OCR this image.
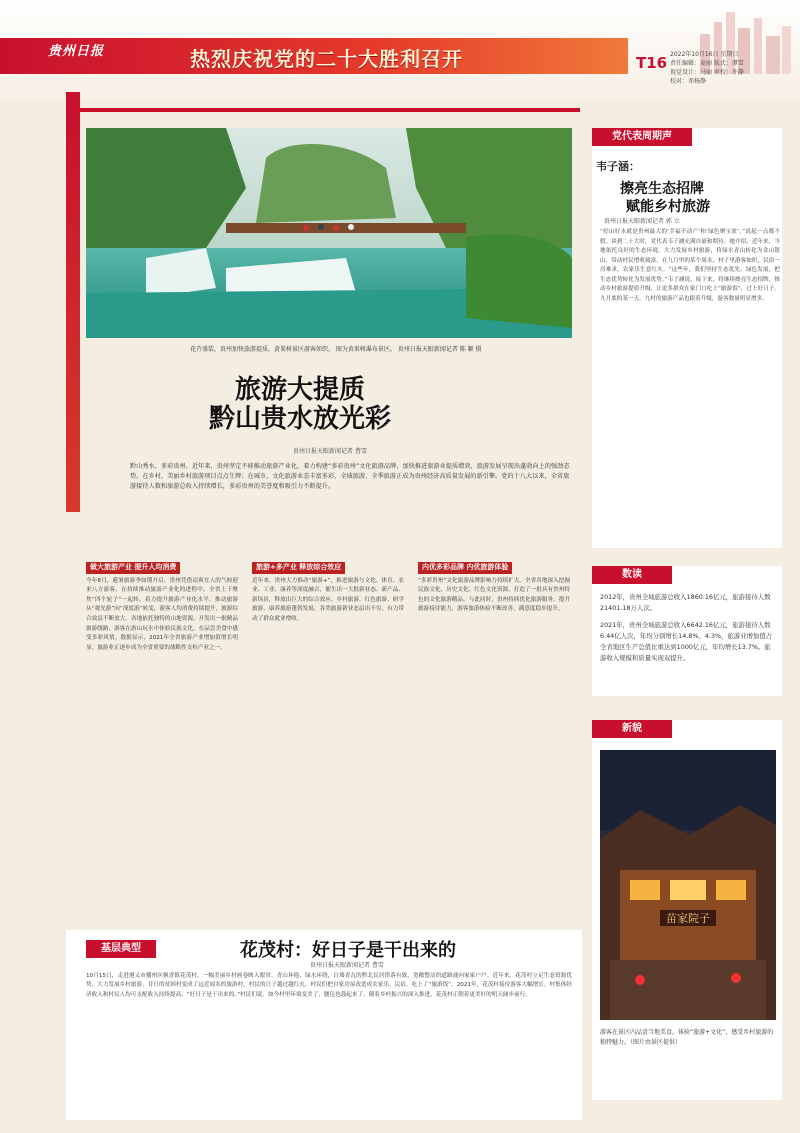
贵州日报	热烈庆祝党的二十大胜利召开	T16 2022年10月16日 星期日
责任编辑：麦丽 版式：谭雪
视觉设计：马丽 审校：许静
校对：邓杨静
花卉盛装，贵州加快旅游提质，黄果树景区游客如织。 图为黄果树瀑布景区。 贵州日报天眼新闻记者 陈 颖 摄
旅游大提质
黔山贵水放光彩
贵州日报天眼新闻记者 曹雪
黔山秀水，多彩贵州。近年来，贵州坚定不移推动旅游产业化，着力构建“多彩贵州”文化旅游品牌，加快推进旅游业提质增效，旅游发展呈现出蓬勃向上的强劲态势。在乡村，美丽乡村旅游项目点点生辉；在城市，文化旅游业态丰富多彩，全域旅游、全季旅游正成为贵州经济高质量发展的新引擎。党的十八大以来，全省旅游接待人数和旅游总收入持续增长，多彩贵州的美誉度和吸引力不断提升。
做大旅游产业 提升人均消费
今年8月，避暑旅游季如期开启，贵州凭借凉爽宜人的气候迎来八方游客。在持续推动旅游产业化的进程中，全省上下聚焦“四个轮子”一起转，着力提升旅游产业化水平，推动旅游从“观光游”向“深度游”转变，游客人均消费持续提升，旅游综合效益不断放大。各地依托独特的山地资源，开发出一批精品旅游线路，游客在游山玩水中体验民族文化，在品尝美食中感受多彩风情。数据显示，2021年全省旅游产业增加值增长明显，旅游业正逐步成为全省重要的战略性支柱产业之一。
旅游+多产业 释放综合效应
近年来，贵州大力推动“旅游+”，推进旅游与文化、体育、农业、工业、康养等深度融合，催生出一大批新业态、新产品、新场景，释放出巨大的综合效应。乡村旅游、红色旅游、研学旅游、康养旅游蓬勃发展，各类旅游新业态层出不穷，有力带动了群众就业增收。
内优多彩品牌 内优旅游体验
“多彩贵州”文化旅游品牌影响力持续扩大。全省各地深入挖掘民族文化、历史文化、红色文化资源，打造了一批具有贵州特色的文化旅游精品。与此同时，贵州持续优化旅游服务，提升旅游接待能力，游客旅游体验不断改善，满意度稳步提升。
党代表周期声
韦子涵：
擦亮生态招牌
赋能乡村旅游
贵州日报天眼新闻记者 郭 立
“好山好水就是贵州最大的‘幸福不动产’和‘绿色聚宝盆’。”说起一点都不假。谈到二十大时，党代表韦子涵充满自豪和期待。她介绍，近年来，当地依托良好的生态环境，大力发展乡村旅游，将绿水青山转化为金山银山，带动村民增收致富。在九月里的某个周末，村子里游客如织，民宿一房难求，农家乐生意红火。“这些年，我们坚持生态优先、绿色发展，把生态优势转化为发展优势。”韦子涵说，接下来，将继续擦亮生态招牌，推动乡村旅游提质升级，让更多群众在家门口吃上“旅游饭”，过上好日子。九月底的某一天，九村的旅游产品也跟着升级，游客数量明显增多。
数读
2012年，贵州全域旅游总收入1860.16亿元，旅游接待人数21401.18万人次。
2021年，贵州全域旅游总收入6642.16亿元，旅游接待人数6.44亿人次，年均分别增长14.8%、4.3%，旅游业增加值占全省地区生产总值比重达到1000亿元，年均增长13.7%。旅游收入规模和质量实现双提升。
新貌
苗家院子
游客在景区内品尝当地美食，体验“旅游+文化”，感受乡村旅游的独特魅力。（图片由景区提供）
基层典型	花茂村：好日子是干出来的
贵州日报天眼新闻记者 曹雪
10月15日，走进遵义市播州区枫香镇花茂村，一幅美丽乡村画卷映入眼帘。青山环抱、绿水环绕，白墙青瓦的黔北民居错落有致，宽敞整洁的道路通向家家户户。近年来，花茂村立足生态资源优势，大力发展乡村旅游，昔日的贫困村变成了远近闻名的旅游村，村民的日子越过越红火。村民们把自家房屋改造成农家乐、民宿，吃上了“旅游饭”。2021年，花茂村接待游客大幅增长，村集体经济收入和村民人均可支配收入持续提高。“好日子是干出来的。”村民们说，如今村里环境变美了，腰包也鼓起来了。随着乡村振兴的深入推进，花茂村正朝着更美好的明天阔步前行。
